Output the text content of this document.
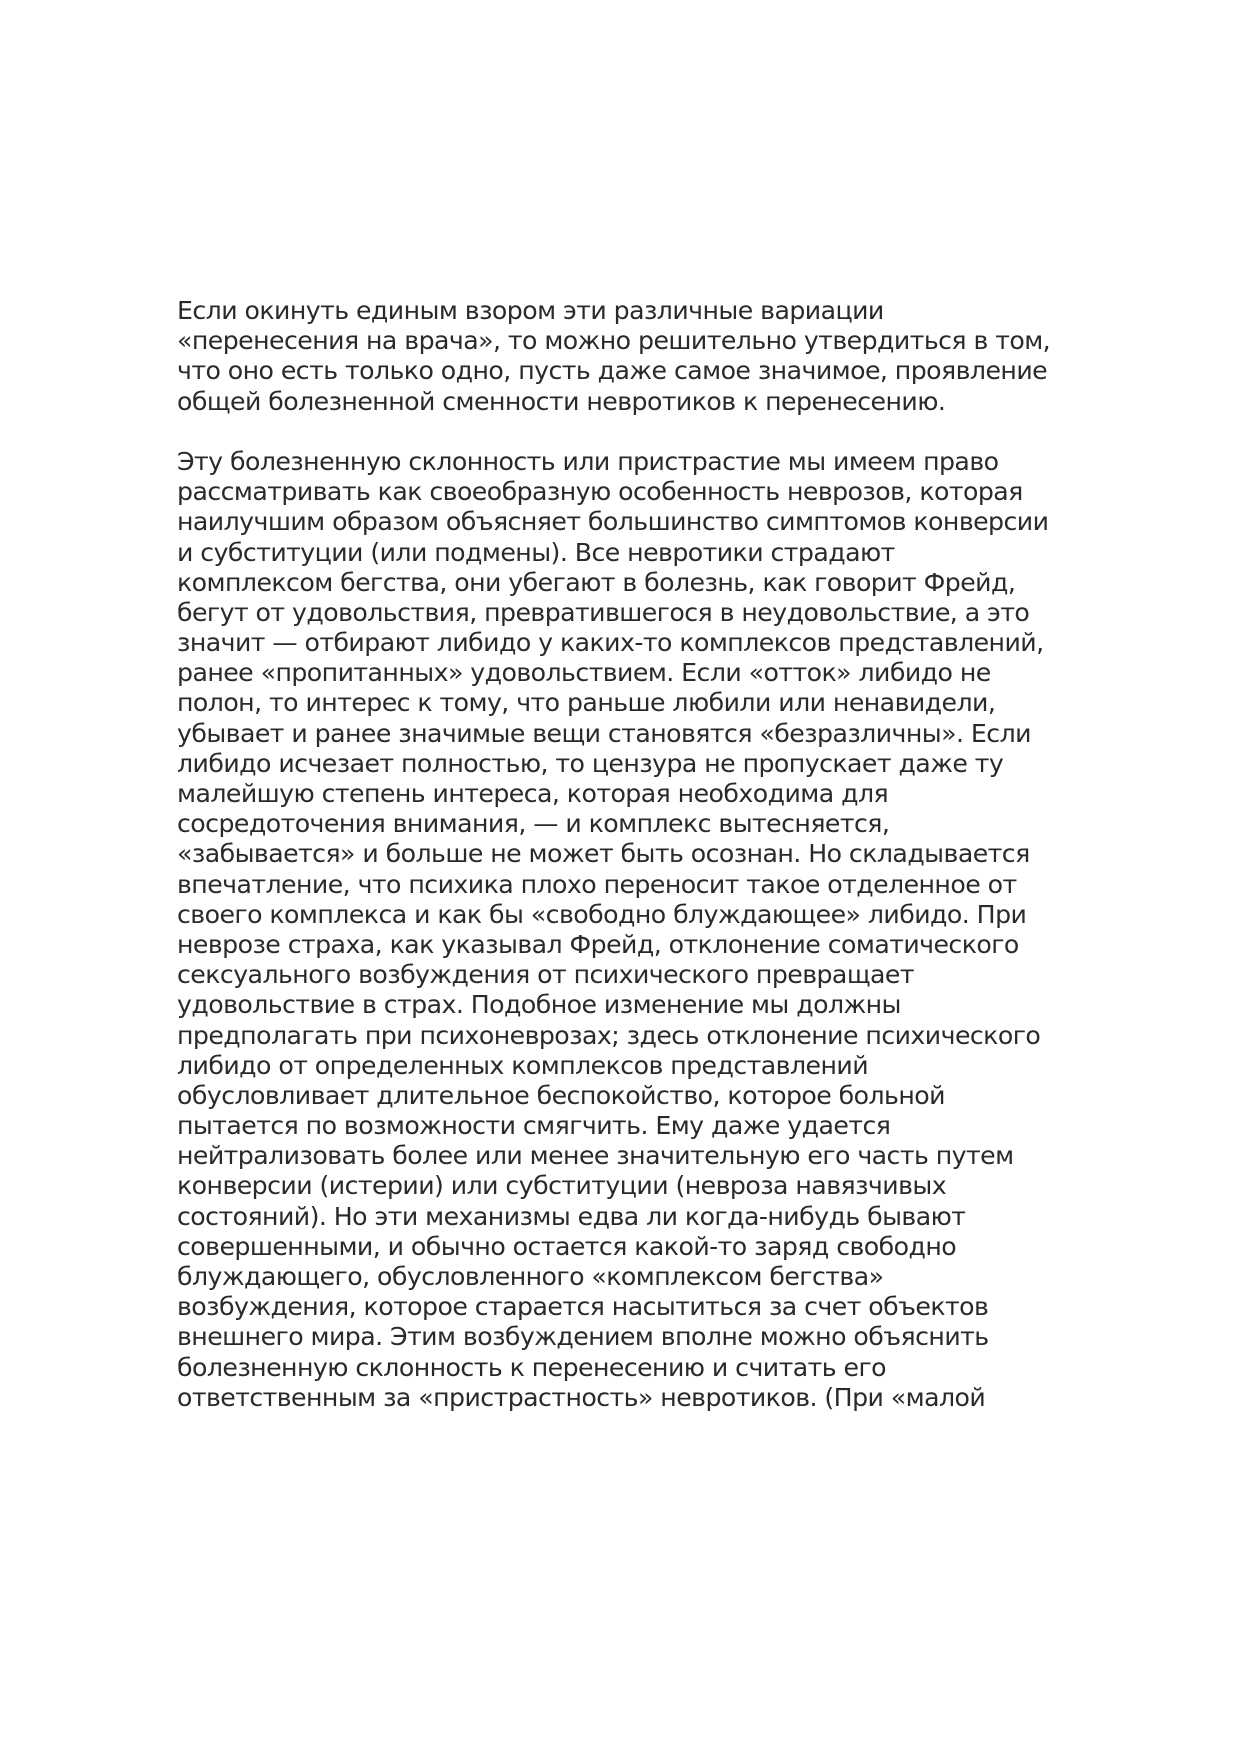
Если окинуть единым взором эти различные вариации
«перенесения на врача», то можно решительно утвердиться в том,
что оно есть только одно, пусть даже самое значимое, проявление
общей болезненной сменности невротиков к перенесению.
Эту болезненную склонность или пристрастие мы имеем право
рассматривать как своеобразную особенность неврозов, которая
наилучшим образом объясняет большинство симптомов конверсии
и субституции (или подмены). Все невротики страдают
комплексом бегства, они убегают в болезнь, как говорит Фрейд,
бегут от удовольствия, превратившегося в неудовольствие, а это
значит — отбирают либидо у каких-то комплексов представлений,
ранее «пропитанных» удовольствием. Если «отток» либидо не
полон, то интерес к тому, что раньше любили или ненавидели,
убывает и ранее значимые вещи становятся «безразличны». Если
либидо исчезает полностью, то цензура не пропускает даже ту
малейшую степень интереса, которая необходима для
сосредоточения внимания, — и комплекс вытесняется,
«забывается» и больше не может быть осознан. Но складывается
впечатление, что психика плохо переносит такое отделенное от
своего комплекса и как бы «свободно блуждающее» либидо. При
неврозе страха, как указывал Фрейд, отклонение соматического
сексуального возбуждения от психического превращает
удовольствие в страх. Подобное изменение мы должны
предполагать при психоневрозах; здесь отклонение психического
либидо от определенных комплексов представлений
обусловливает длительное беспокойство, которое больной
пытается по возможности смягчить. Ему даже удается
нейтрализовать более или менее значительную его часть путем
конверсии (истерии) или субституции (невроза навязчивых
состояний). Но эти механизмы едва ли когда-нибудь бывают
совершенными, и обычно остается какой-то заряд свободно
блуждающего, обусловленного «комплексом бегства»
возбуждения, которое старается насытиться за счет объектов
внешнего мира. Этим возбуждением вполне можно объяснить
болезненную склонность к перенесению и считать его
ответственным за «пристрастность» невротиков. (При «малой
